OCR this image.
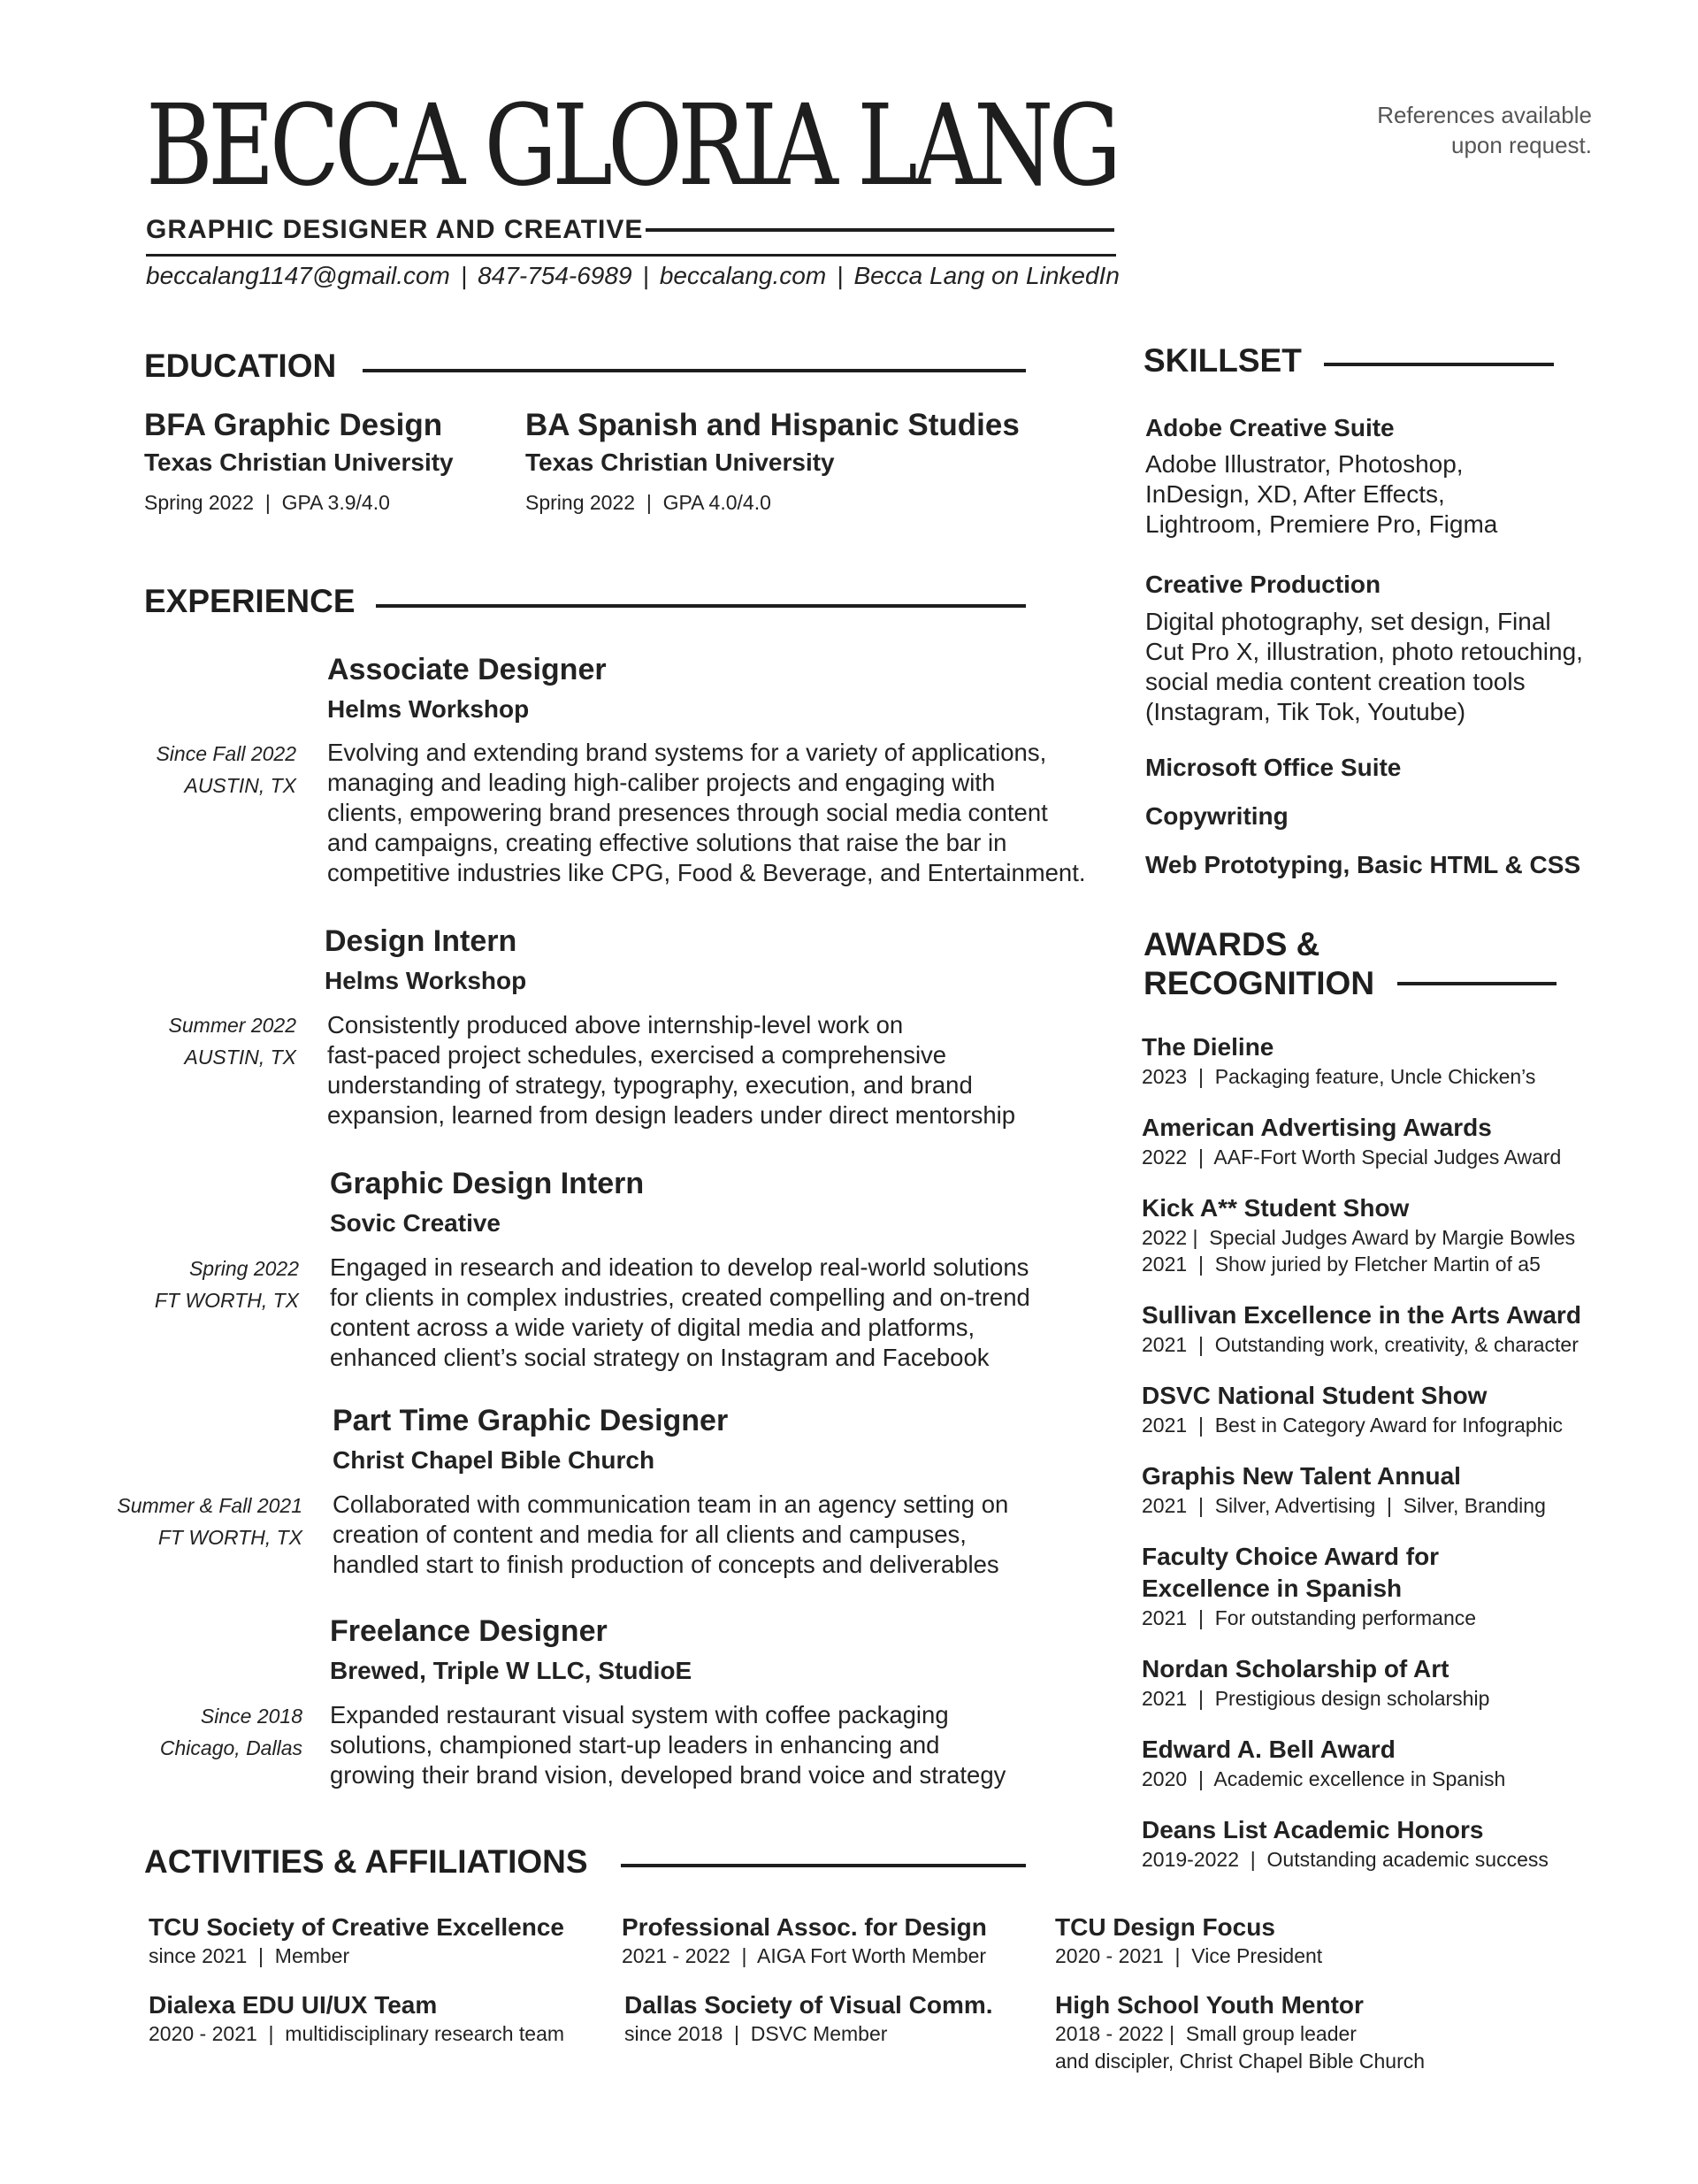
BECCA GLORIA LANG
GRAPHIC DESIGNER AND CREATIVE
beccalang1147@gmail.com | 847-754-6989 | beccalang.com | Becca Lang on LinkedIn
References available
upon request.
EDUCATION
BFA Graphic Design
Texas Christian University
Spring 2022  |  GPA 3.9/4.0
BA Spanish and Hispanic Studies
Texas Christian University
Spring 2022  |  GPA 4.0/4.0
EXPERIENCE
Associate Designer
Helms Workshop
Since Fall 2022
AUSTIN, TX
Evolving and extending brand systems for a variety of applications,
managing and leading high-caliber projects and engaging with
clients, empowering brand presences through social media content
and campaigns, creating effective solutions that raise the bar in
competitive industries like CPG, Food & Beverage, and Entertainment.
Design Intern
Helms Workshop
Summer 2022
AUSTIN, TX
Consistently produced above internship-level work on
fast-paced project schedules, exercised a comprehensive
understanding of strategy, typography, execution, and brand
expansion, learned from design leaders under direct mentorship
Graphic Design Intern
Sovic Creative
Spring 2022
FT WORTH, TX
Engaged in research and ideation to develop real-world solutions
for clients in complex industries, created compelling and on-trend
content across a wide variety of digital media and platforms,
enhanced client’s social strategy on Instagram and Facebook
Part Time Graphic Designer
Christ Chapel Bible Church
Summer & Fall 2021
FT WORTH, TX
Collaborated with communication team in an agency setting on
creation of content and media for all clients and campuses,
handled start to finish production of concepts and deliverables
Freelance Designer
Brewed, Triple W LLC, StudioE
Since 2018
Chicago, Dallas
Expanded restaurant visual system with coffee packaging
solutions, championed start-up leaders in enhancing and
growing their brand vision, developed brand voice and strategy
SKILLSET
Adobe Creative Suite
Adobe Illustrator, Photoshop,
InDesign, XD, After Effects,
Lightroom, Premiere Pro, Figma
Creative Production
Digital photography, set design, Final
Cut Pro X, illustration, photo retouching,
social media content creation tools
(Instagram, Tik Tok, Youtube)
Microsoft Office Suite
Copywriting
Web Prototyping, Basic HTML & CSS
AWARDS &
RECOGNITION
The Dieline
2023  |  Packaging feature, Uncle Chicken’s
American Advertising Awards
2022  |  AAF-Fort Worth Special Judges Award
Kick A** Student Show
2022 |  Special Judges Award by Margie Bowles
2021  |  Show juried by Fletcher Martin of a5
Sullivan Excellence in the Arts Award
2021  |  Outstanding work, creativity, & character
DSVC National Student Show
2021  |  Best in Category Award for Infographic
Graphis New Talent Annual
2021  |  Silver, Advertising  |  Silver, Branding
Faculty Choice Award for
Excellence in Spanish
2021  |  For outstanding performance
Nordan Scholarship of Art
2021  |  Prestigious design scholarship
Edward A. Bell Award
2020  |  Academic excellence in Spanish
Deans List Academic Honors
2019-2022  |  Outstanding academic success
ACTIVITIES & AFFILIATIONS
TCU Society of Creative Excellence
since 2021  |  Member
Professional Assoc. for Design
2021 - 2022  |  AIGA Fort Worth Member
TCU Design Focus
2020 - 2021  |  Vice President
Dialexa EDU UI/UX Team
2020 - 2021  |  multidisciplinary research team
Dallas Society of Visual Comm.
since 2018  |  DSVC Member
High School Youth Mentor
2018 - 2022 |  Small group leader
and discipler, Christ Chapel Bible Church
